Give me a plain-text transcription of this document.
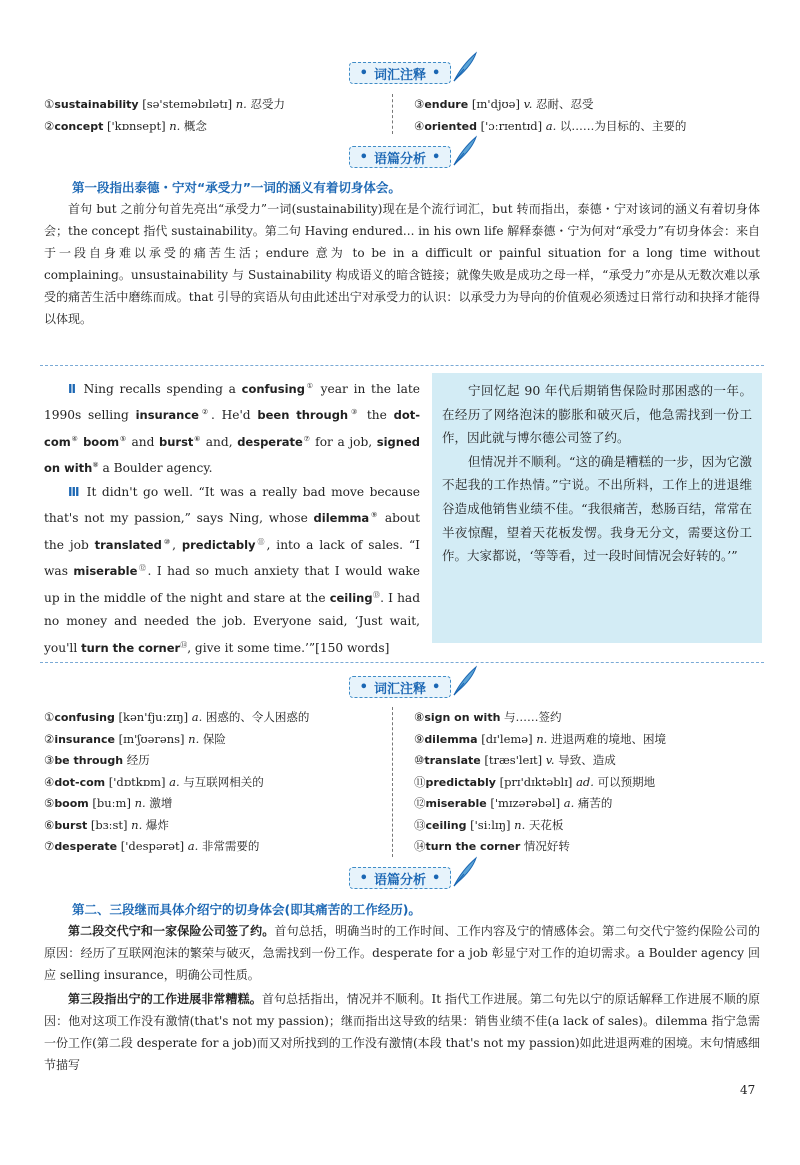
• 词汇注释 •
①sustainability [sə'steɪnəbɪlətɪ] n. 忍受力
②concept ['kɒnsept] n. 概念
③endure [ɪn'djʊə] v. 忍耐、忍受
④oriented ['ɔːrɪentɪd] a. 以……为目标的、主要的
• 语篇分析 •
第一段指出泰德・宁对“承受力”一词的涵义有着切身体会。
首句 but 之前分句首先亮出“承受力”一词(sustainability)现在是个流行词汇，but 转而指出，泰德・宁对该词的涵义有着切身体会；the concept 指代 sustainability。第二句 Having endured... in his own life 解释泰德・宁为何对“承受力”有切身体会：来自于一段自身难以承受的痛苦生活；endure 意为 to be in a difficult or painful situation for a long time without complaining。unsustainability 与 Sustainability 构成语义的暗含链接；就像失败是成功之母一样，“承受力”亦是从无数次难以承受的痛苦生活中磨练而成。that 引导的宾语从句由此述出宁对承受力的认识：以承受力为导向的价值观必须透过日常行动和抉择才能得以体现。

Ⅱ Ning recalls spending a confusing① year in the late 1990s selling insurance②. He'd been through③ the dot-com④ boom⑤ and burst⑥ and, desperate⑦ for a job, signed on with⑧ a Boulder agency.

Ⅲ It didn't go well. “It was a really bad move because that's not my passion,” says Ning, whose dilemma⑨ about the job translated⑩, predictably⑪, into a lack of sales. “I was miserable⑫. I had so much anxiety that I would wake up in the middle of the night and stare at the ceiling⑬. I had no money and needed the job. Everyone said, ‘Just wait, you'll turn the corner⑭, give it some time.’”[150 words]

宁回忆起 90 年代后期销售保险时那困惑的一年。在经历了网络泡沫的膨胀和破灭后，他急需找到一份工作，因此就与博尔德公司签了约。

但情况并不顺利。“这的确是糟糕的一步，因为它激不起我的工作热情。”宁说。不出所料，工作上的进退维谷造成他销售业绩不佳。“我很痛苦，愁肠百结，常常在半夜惊醒，望着天花板发愣。我身无分文，需要这份工作。大家都说，‘等等看，过一段时间情况会好转的。’”

• 词汇注释 •
①confusing [kən'fjuːzɪŋ] a. 困惑的、令人困惑的
②insurance [ɪn'ʃʊərəns] n. 保险
③be through 经历
④dot-com ['dɒtkɒm] a. 与互联网相关的
⑤boom [buːm] n. 激增
⑥burst [bɜːst] n. 爆炸
⑦desperate ['despərət] a. 非常需要的
⑧sign on with 与……签约
⑨dilemma [dɪ'lemə] n. 进退两难的境地、困境
⑩translate [træs'leɪt] v. 导致、造成
⑪predictably [prɪ'dɪktəblɪ] ad. 可以预期地
⑫miserable ['mɪzərəbəl] a. 痛苦的
⑬ceiling ['siːlɪŋ] n. 天花板
⑭turn the corner 情况好转
• 语篇分析 •
第二、三段继而具体介绍宁的切身体会(即其痛苦的工作经历)。
第二段交代宁和一家保险公司签了约。首句总括，明确当时的工作时间、工作内容及宁的情感体会。第二句交代宁签约保险公司的原因：经历了互联网泡沫的繁荣与破灭，急需找到一份工作。desperate for a job 彰显宁对工作的迫切需求。a Boulder agency 回应 selling insurance，明确公司性质。
第三段指出宁的工作进展非常糟糕。首句总括指出，情况并不顺利。It 指代工作进展。第二句先以宁的原话解释工作进展不顺的原因：他对这项工作没有激情(that's not my passion)；继而指出这导致的结果：销售业绩不佳(a lack of sales)。dilemma 指宁急需一份工作(第二段 desperate for a job)而又对所找到的工作没有激情(本段 that's not my passion)如此进退两难的困境。末句情感细节描写
47
